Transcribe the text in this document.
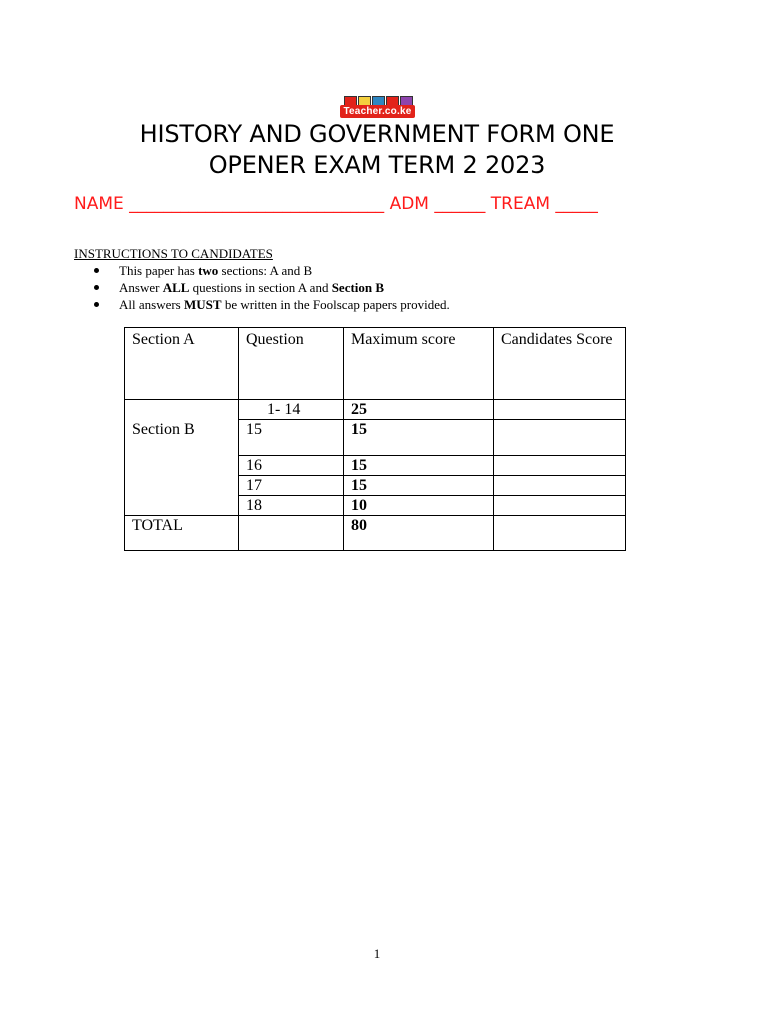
Teacher.co.ke
HISTORY AND GOVERNMENT FORM ONE
OPENER EXAM TERM 2 2023
NAME ______________________________ ADM ______ TREAM _____
INSTRUCTIONS TO CANDIDATES
This paper has two sections: A and B
Answer ALL questions in section A and Section B
All answers MUST be written in the Foolscap papers provided.
Section A	Question	Maximum score	Candidates Score
Section B	1- 14	25	
	15	15	
	16	15	
	17	15	
	18	10	
TOTAL		80	
1
